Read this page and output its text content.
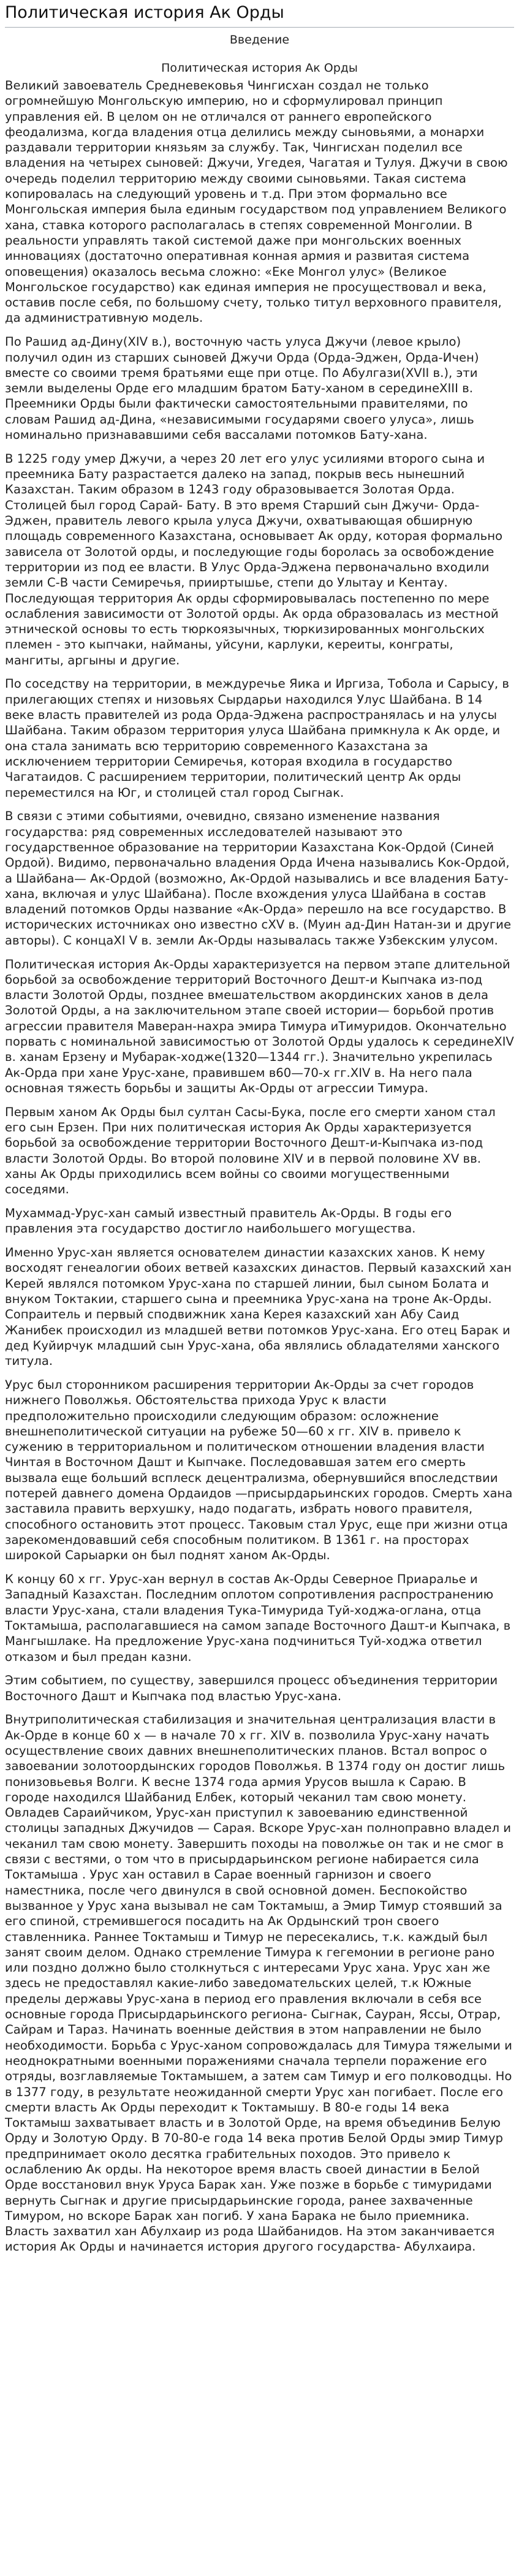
Политическая история Ак Орды
Введение
Политическая история Ак Орды

Великий завоеватель Средневековья Чингисхан создал не только огромнейшую Монгольскую империю, но и сформулировал принцип управления ей. В целом он не отличался от раннего европейского феодализма, когда владения отца делились между сыновьями, а монархи раздавали территории князьям за службу. Так, Чингисхан поделил все владения на четырех сыновей: Джучи, Угедея, Чагатая и Тулуя. Джучи в свою очередь поделил территорию между своими сыновьями. Такая система копировалась на следующий уровень и т.д. При этом формально все Монгольская империя была единым государством под управлением Великого хана, ставка которого располагалась в степях современной Монголии. В реальности управлять такой системой даже при монгольских военных инновациях (достаточно оперативная конная армия и развитая система оповещения) оказалось весьма сложно: «Еке Монгол улус» (Великое Монгольское государство) как единая империя не просуществовал и века, оставив после себя, по большому счету, только титул верховного правителя, да административную модель.

По Рашид ад-Дину(XIV в.), восточную часть улуса Джучи (левое крыло) получил один из старших сыновей Джучи Орда (Орда-Эджен, Орда-Ичен) вместе со своими тремя братьями еще при отце. По Абулгази(XVII в.), эти земли выделены Орде его младшим братом Бату-ханом в серединеXIII в. Преемники Орды были фактически самостоятельными правителями, по словам Рашид ад-Дина, «независимыми государями своего улуса», лишь номинально признававшими себя вассалами потомков Бату-хана.

В 1225 году умер Джучи, а через 20 лет его улус усилиями второго сына и преемника Бату разрастается далеко на запад, покрыв весь нынешний Казахстан. Таким образом в 1243 году образовывается Золотая Орда. Столицей был город Сарай- Бату. В это время Старший сын Джучи- Орда-Эджен, правитель левого крыла улуса Джучи, охватывающая обширную площадь современного Казахстана, основывает Ак орду, которая формально зависела от Золотой орды, и последующие годы боролась за освобождение территории из под ее власти. В Улус Орда-Эджена первоначально входили земли С-В части Семиречья, прииртышье, степи до Улытау и Кентау. Последующая территория Ак орды сформировывалась постепенно по мере ослабления зависимости от Золотой орды. Ак орда образовалась из местной этнической основы то есть тюркоязычных, тюркизированных монгольских племен - это кыпчаки, найманы, уйсуни, карлуки, кереиты, конграты, мангиты, аргыны и другие.

По соседству на территории, в междуречье Яика и Иргиза, Тобола и Сарысу, в прилегающих степях и низовьях Сырдарьи находился Улус Шайбана. В 14 веке власть правителей из рода Орда-Эджена распространялась и на улусы Шайбана. Таким образом территория улуса Шайбана примкнула к Ак орде, и она стала занимать всю территорию современного Казахстана за исключением территории Семиречья, которая входила в государство Чагатаидов. С расширением территории, политический центр Ак орды переместился на Юг, и столицей стал город Сыгнак.

В связи с этими событиями, очевидно, связано изменение названия государства: ряд современных исследователей называют это государственное образование на территории Казахстана Кок-Ордой (Синей Ордой). Видимо, первоначально владения Орда Ичена назывались Кок-Ордой, а Шайбана— Ак-Ордой (возможно, Ак-Ордой назывались и все владения Бату-хана, включая и улус Шайбана). После вхождения улуса Шайбана в состав владений потомков Орды название «Ак-Орда» перешло на все государство. В исторических источниках оно известно сXV в. (Муин ад-Дин Натан-зи и другие авторы). С концаXI V в. земли Ак-Орды называлась также Узбекским улусом.

Политическая история Ак-Орды характеризуется на первом этапе длительной борьбой за освобождение территорий Восточного Дешт-и Кыпчака из-под власти Золотой Орды, позднее вмешательством акординских ханов в дела Золотой Орды, а на заключительном этапе своей истории— борьбой против агрессии правителя Маверан-нахра эмира Тимура иТимуридов. Окончательно порвать с номинальной зависимостью от Золотой Орды удалось к серединеXIV в. ханам Ерзену и Мубарак-ходже(1320—1344 гг.). Значительно укрепилась Ак-Орда при хане Урус-хане, правившем в60—70-х гг.XIV в. На него пала основная тяжесть борьбы и защиты Ак-Орды от агрессии Тимура.

Первым ханом Ак Орды был султан Сасы-Бука, после его смерти ханом стал его сын Ерзен. При них политическая история Ак Орды характеризуется борьбой за освобождение территории Восточного Дешт-и-Кыпчака из-под власти Золотой Орды. Во второй половине XIV и в первой половине XV вв. ханы Ак Орды приходились всем войны со своими могущественными соседями.

Мухаммад-Урус-хан самый известный правитель Ак-Орды. В годы его правления эта государство достигло наибольшего могущества.

Именно Урус-хан является основателем династии казахских ханов. К нему восходят генеалогии обоих ветвей казахских династов. Первый казахский хан Керей являлся потомком Урус-хана по старшей линии, был сыном Болата и внуком Токтакии, старшего сына и преемника Урус-хана на троне Ак-Орды. Сопраитель и первый сподвижник хана Керея казахский хан Абу Саид Жанибек происходил из младшей ветви потомков Урус-хана. Его отец Барак и дед Куйирчук младший сын Урус-хана, оба являлись обладателями ханского титула.

Урус был сторонником расширения территории Ак-Орды за счет городов нижнего Поволжья. Обстоятельства прихода Урус к власти предположительно происходили следующим образом: осложнение внешнеполитической ситуации на рубеже 50—60 х гг. XIV в. привело к сужению в территориальном и политическом отношении владения власти Чинтая в Восточном Дашт и Кыпчаке. Последовавшая затем его смерть вызвала еще больший всплеск децентрализма, обернувшийся впоследствии потерей давнего домена Ордаидов —присырдарьинских городов. Смерть хана заставила править верхушку, надо подагать, избрать нового правителя, способного остановить этот процесс. Таковым стал Урус, еще при жизни отца зарекомендовавший себя способным политиком. В 1361 г. на просторах широкой Сарыарки он был поднят ханом Ак-Орды.

К концу 60 х гг. Урус-хан вернул в состав Ак-Орды Северное Приаралье и Западный Казахстан. Последним оплотом сопротивления распространению власти Урус-хана, стали владения Тука-Тимурида Туй-ходжа-оглана, отца Токтамыша, располагавшиеся на самом западе Восточного Дашт-и Кыпчака, в Мангышлаке. На предложение Урус-хана подчиниться Туй-ходжа ответил отказом и был предан казни.

Этим событием, по существу, завершился процесс объединения территории Восточного Дашт и Кыпчака под властью Урус-хана.

Внутриполитическая стабилизация и значительная централизация власти в Ак-Орде в конце 60 х — в начале 70 х гг. XIV в. позволила Урус-хану начать осуществление своих давних внешнеполитических планов. Встал вопрос о завоевании золотоордынских городов Поволжья. В 1374 году он достиг лишь понизовьевья Волги. К весне 1374 года армия Урусов вышла к Сараю. В городе находился Шайбанид Елбек, который чеканил там свою монету. Овладев Сараийчиком, Урус-хан приступил к завоеванию единственной столицы западных Джучидов — Сарая. Вскоре Урус-хан полноправно владел и чеканил там свою монету. Завершить походы на поволжье он так и не смог в связи с вестями, о том что в присырдарьинском регионе набирается сила Токтамыша . Урус хан оставил в Сарае военный гарнизон и своего наместника, после чего двинулся в свой основной домен. Беспокойство вызванное у Урус хана вызывал не сам Токтамыш, а Эмир Тимур стоявший за его спиной, стремившегося посадить на Ак Ордынский трон своего ставленника. Раннее Токтамыш и Тимур не пересекались, т.к. каждый был занят своим делом. Однако стремление Тимура к гегемонии в регионе рано или поздно должно было столкнуться с интересами Урус хана. Урус хан же здесь не предоставлял какие-либо заведомательских целей, т.к Южные пределы державы Урус-хана в период его правления включали в себя все основные города Присырдарьинского региона- Сыгнак, Сауран, Яссы, Отрар, Сайрам и Тараз. Начинать военные действия в этом направлении не было необходимости. Борьба с Урус-ханом сопровождалась для Тимура тяжелыми и неоднократными военными поражениями сначала терпели поражение его отряды, возглавляемые Токтамышем, а затем сам Тимур и его полководцы. Но в 1377 году, в результате неожиданной смерти Урус хан погибает. После его смерти власть Ак Орды переходит к Токтамышу. В 80-е годы 14 века Токтамыш захватывает власть и в Золотой Орде, на время объединив Белую Орду и Золотую Орду. В 70-80-е года 14 века против Белой Орды эмир Тимур предпринимает около десятка грабительных походов. Это привело к ослаблению Ак орды. На некоторое время власть своей династии в Белой Орде восстановил внук Уруса Барак хан. Уже позже в борьбе с тимуридами вернуть Сыгнак и другие присырдарьинские города, ранее захваченные Тимуром, но вскоре Барак хан погиб. У хана Барака не было приемника. Власть захватил хан Абулхаир из рода Шайбанидов. На этом заканчивается история Ак Орды и начинается история другого государства- Абулхаира.
